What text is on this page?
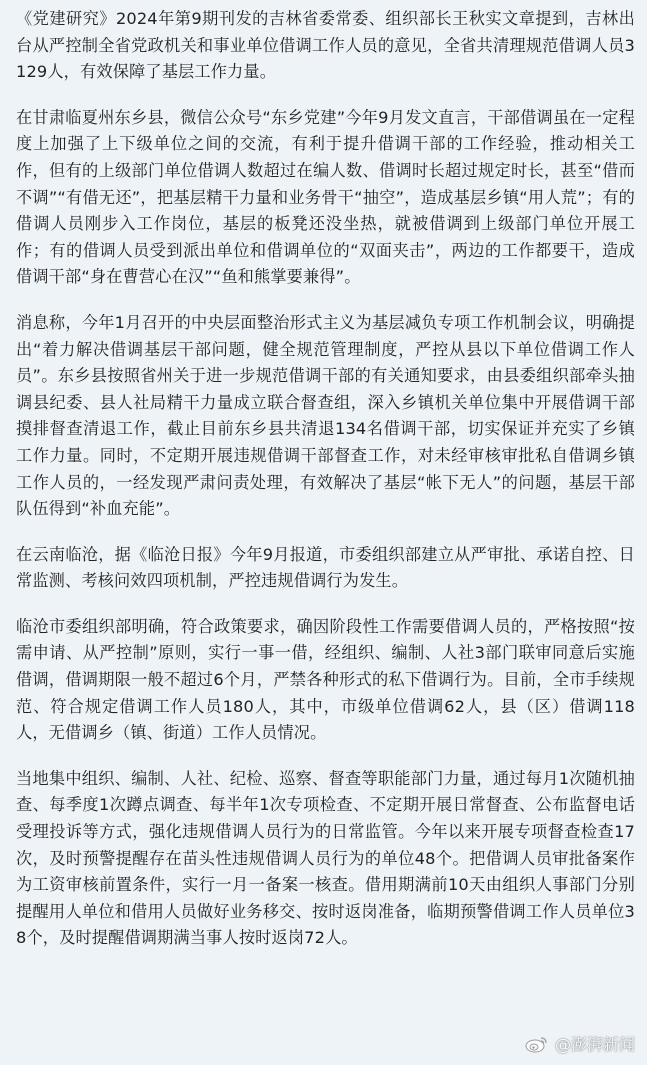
《党建研究》2024年第9期刊发的吉林省委常委、组织部长王秋实文章提到，吉林出台从严控制全省党政机关和事业单位借调工作人员的意见，全省共清理规范借调人员3129人，有效保障了基层工作力量。

在甘肃临夏州东乡县，微信公众号“东乡党建”今年9月发文直言，干部借调虽在一定程度上加强了上下级单位之间的交流，有利于提升借调干部的工作经验，推动相关工作，但有的上级部门单位借调人数超过在编人数、借调时长超过规定时长，甚至“借而不调”“有借无还”，把基层精干力量和业务骨干“抽空”，造成基层乡镇“用人荒”；有的借调人员刚步入工作岗位，基层的板凳还没坐热，就被借调到上级部门单位开展工作；有的借调人员受到派出单位和借调单位的“双面夹击”，两边的工作都要干，造成借调干部“身在曹营心在汉”“鱼和熊掌要兼得”。

消息称，今年1月召开的中央层面整治形式主义为基层减负专项工作机制会议，明确提出“着力解决借调基层干部问题，健全规范管理制度，严控从县以下单位借调工作人员”。东乡县按照省州关于进一步规范借调干部的有关通知要求，由县委组织部牵头抽调县纪委、县人社局精干力量成立联合督查组，深入乡镇机关单位集中开展借调干部摸排督查清退工作，截止目前东乡县共清退134名借调干部，切实保证并充实了乡镇工作力量。同时，不定期开展违规借调干部督查工作，对未经审核审批私自借调乡镇工作人员的，一经发现严肃问责处理，有效解决了基层“帐下无人”的问题，基层干部队伍得到“补血充能”。

在云南临沧，据《临沧日报》今年9月报道，市委组织部建立从严审批、承诺自控、日常监测、考核问效四项机制，严控违规借调行为发生。

临沧市委组织部明确，符合政策要求，确因阶段性工作需要借调人员的，严格按照“按需申请、从严控制”原则，实行一事一借，经组织、编制、人社3部门联审同意后实施借调，借调期限一般不超过6个月，严禁各种形式的私下借调行为。目前，全市手续规范、符合规定借调工作人员180人，其中，市级单位借调62人，县（区）借调118人，无借调乡（镇、街道）工作人员情况。

当地集中组织、编制、人社、纪检、巡察、督查等职能部门力量，通过每月1次随机抽查、每季度1次蹲点调查、每半年1次专项检查、不定期开展日常督查、公布监督电话受理投诉等方式，强化违规借调人员行为的日常监管。今年以来开展专项督查检查17次，及时预警提醒存在苗头性违规借调人员行为的单位48个。把借调人员审批备案作为工资审核前置条件，实行一月一备案一核查。借用期满前10天由组织人事部门分别提醒用人单位和借用人员做好业务移交、按时返岗准备，临期预警借调工作人员单位38个，及时提醒借调期满当事人按时返岗72人。

@澎湃新闻
